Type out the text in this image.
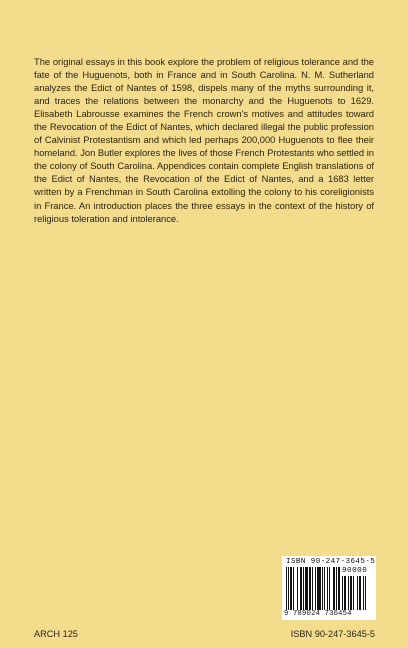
The original essays in this book explore the problem of religious tolerance and the fate of the Huguenots, both in France and in South Carolina. N. M. Sutherland analyzes the Edict of Nantes of 1598, dispels many of the myths surrounding it, and traces the relations between the monarchy and the Huguenots to 1629. Elisabeth Labrousse examines the French crown's motives and attitudes toward the Revocation of the Edict of Nantes, which declared illegal the public profession of Calvinist Protestantism and which led perhaps 200,000 Huguenots to flee their homeland. Jon Butler explores the lives of those French Protestants who settled in the colony of South Carolina. Appendices contain complete English translations of the Edict of Nantes, the Revocation of the Edict of Nantes, and a 1683 letter written by a Frenchman in South Carolina extolling the colony to his coreligionists in France. An introduction places the three essays in the context of the history of religious toleration and intolerance.

ISBN 90-247-3645-5
90000
9 789024 736454
ARCH 125	ISBN 90-247-3645-5
